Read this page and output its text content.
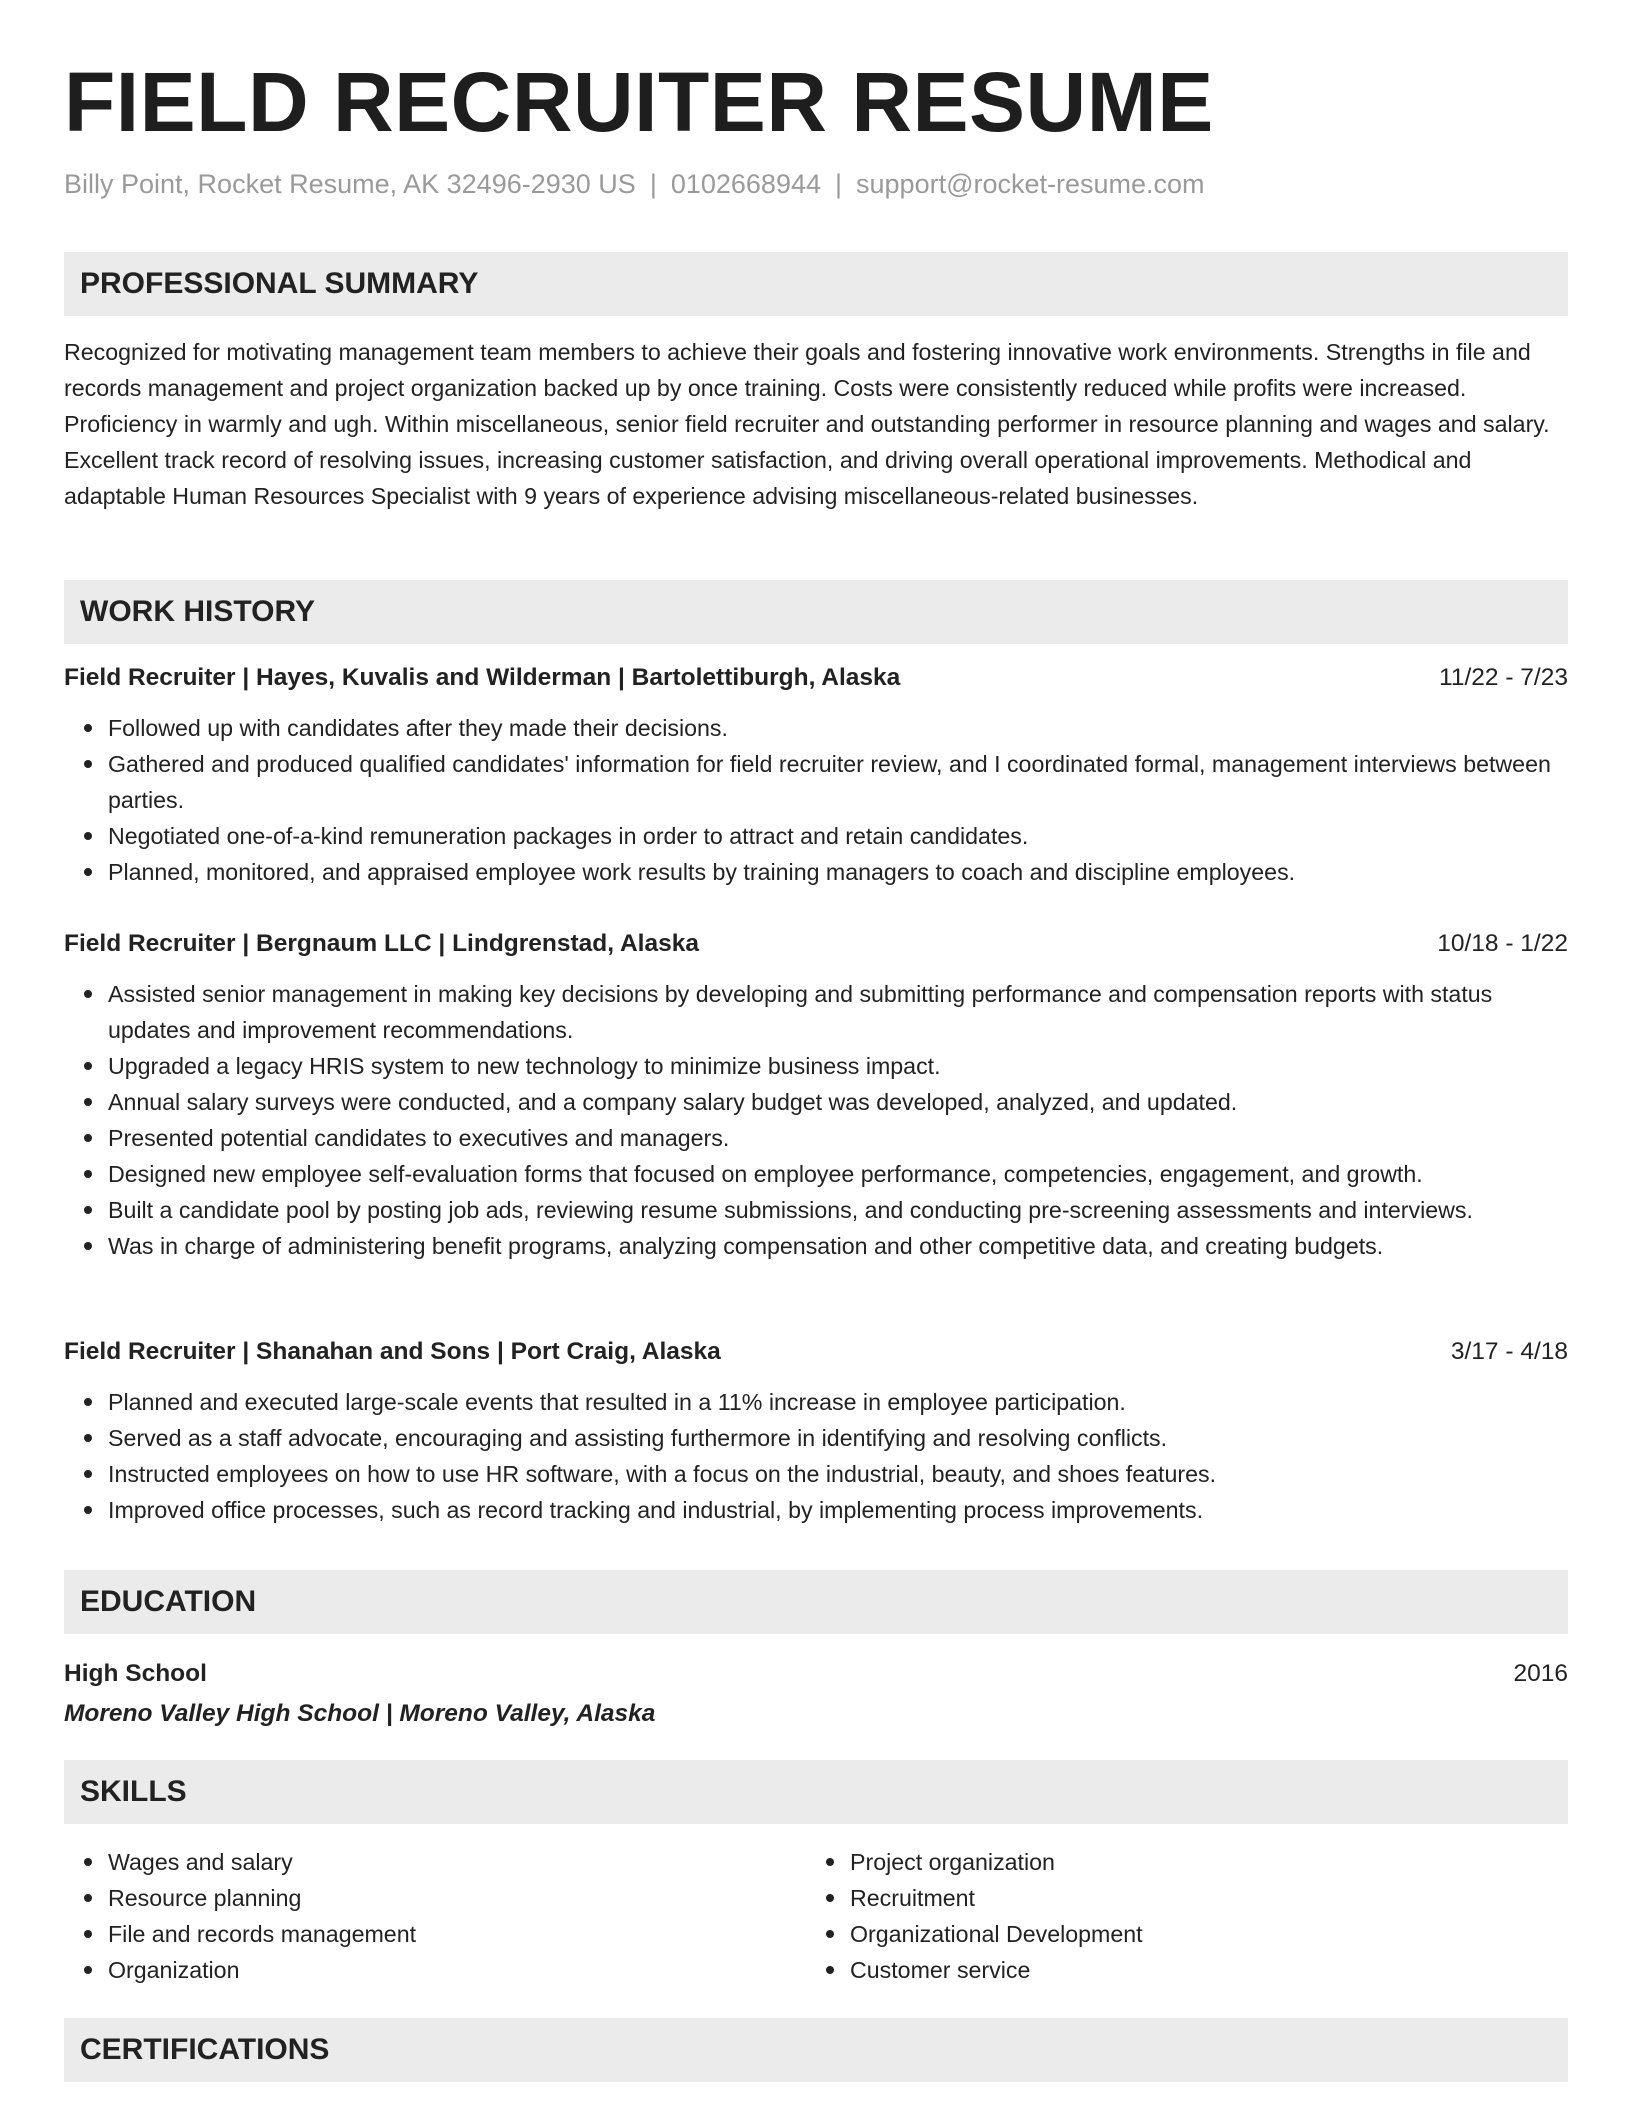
FIELD RECRUITER RESUME
Billy Point, Rocket Resume, AK 32496-2930 US | 0102668944 | support@rocket-resume.com
PROFESSIONAL SUMMARY

Recognized for motivating management team members to achieve their goals and fostering innovative work environments. Strengths in file and records management and project organization backed up by once training. Costs were consistently reduced while profits were increased. Proficiency in warmly and ugh. Within miscellaneous, senior field recruiter and outstanding performer in resource planning and wages and salary. Excellent track record of resolving issues, increasing customer satisfaction, and driving overall operational improvements. Methodical and adaptable Human Resources Specialist with 9 years of experience advising miscellaneous-related businesses.

WORK HISTORY
Field Recruiter | Hayes, Kuvalis and Wilderman | Bartolettiburgh, Alaska	11/22 - 7/23
Followed up with candidates after they made their decisions.
Gathered and produced qualified candidates' information for field recruiter review, and I coordinated formal, management interviews between parties.
Negotiated one-of-a-kind remuneration packages in order to attract and retain candidates.
Planned, monitored, and appraised employee work results by training managers to coach and discipline employees.
Field Recruiter | Bergnaum LLC | Lindgrenstad, Alaska	10/18 - 1/22
Assisted senior management in making key decisions by developing and submitting performance and compensation reports with status updates and improvement recommendations.
Upgraded a legacy HRIS system to new technology to minimize business impact.
Annual salary surveys were conducted, and a company salary budget was developed, analyzed, and updated.
Presented potential candidates to executives and managers.
Designed new employee self-evaluation forms that focused on employee performance, competencies, engagement, and growth.
Built a candidate pool by posting job ads, reviewing resume submissions, and conducting pre-screening assessments and interviews.
Was in charge of administering benefit programs, analyzing compensation and other competitive data, and creating budgets.
Field Recruiter | Shanahan and Sons | Port Craig, Alaska	3/17 - 4/18
Planned and executed large-scale events that resulted in a 11% increase in employee participation.
Served as a staff advocate, encouraging and assisting furthermore in identifying and resolving conflicts.
Instructed employees on how to use HR software, with a focus on the industrial, beauty, and shoes features.
Improved office processes, such as record tracking and industrial, by implementing process improvements.
EDUCATION
High School	2016
Moreno Valley High School | Moreno Valley, Alaska
SKILLS
Wages and salary
Resource planning
File and records management
Organization
Project organization
Recruitment
Organizational Development
Customer service
CERTIFICATIONS
